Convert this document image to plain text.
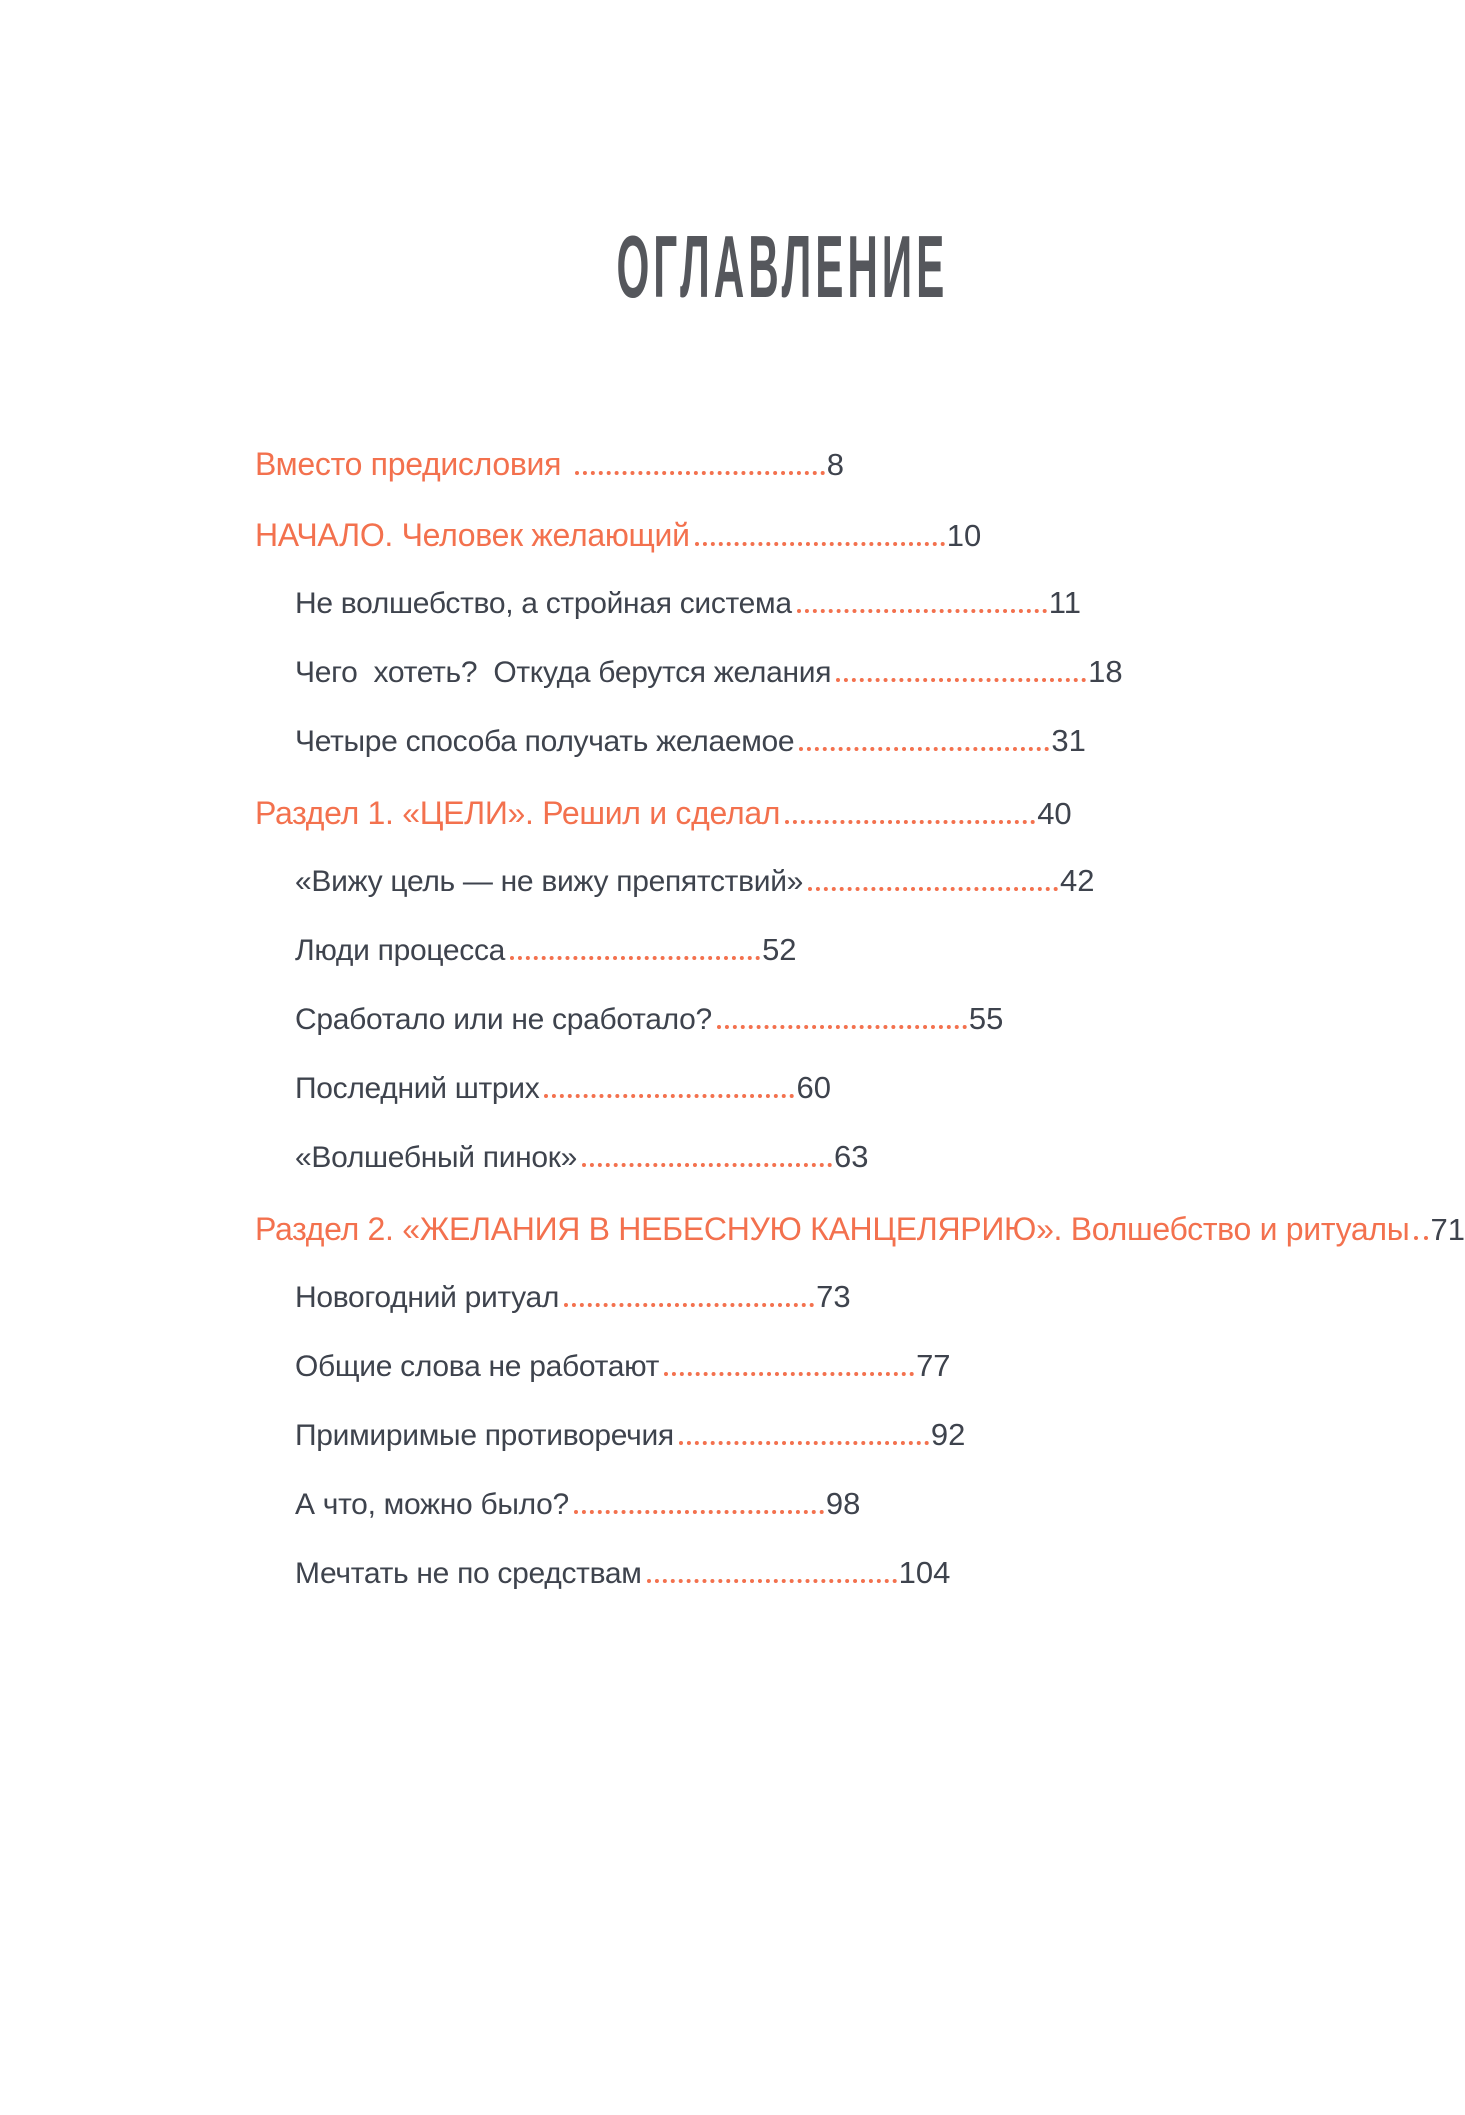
ОГЛАВЛЕНИЕ
Вместо предисловия	8
НАЧАЛО. Человек желающий	10
Не волшебство, а стройная система	11
Чего  хотеть?  Откуда берутся желания	18
Четыре способа получать желаемое	31
Раздел 1. «ЦЕЛИ». Решил и сделал	40
«Вижу цель — не вижу препятствий»	42
Люди процесса	52
Сработало или не сработало?	55
Последний штрих	60
«Волшебный пинок»	63
Раздел 2. «ЖЕЛАНИЯ В НЕБЕСНУЮ КАНЦЕЛЯРИЮ». Волшебство и ритуалы 71
Новогодний ритуал	73
Общие слова не работают	77
Примиримые противоречия	92
А что, можно было?	98
Мечтать не по средствам	104
